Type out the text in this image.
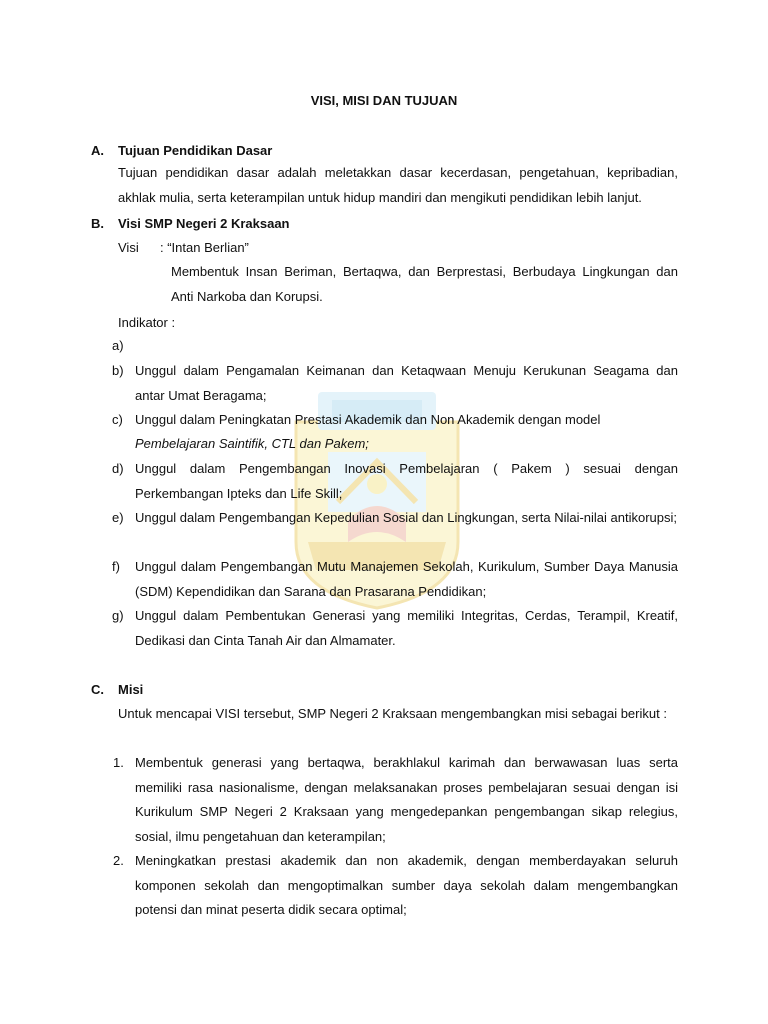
VISI, MISI DAN TUJUAN
A. Tujuan Pendidikan Dasar
Tujuan pendidikan dasar adalah meletakkan dasar kecerdasan, pengetahuan, kepribadian, akhlak mulia, serta keterampilan untuk hidup mandiri dan mengikuti pendidikan lebih lanjut.
B. Visi SMP Negeri 2 Kraksaan
Visi : “Intan Berlian”
Membentuk Insan Beriman, Bertaqwa, dan Berprestasi, Berbudaya Lingkungan dan Anti Narkoba dan Korupsi.
Indikator :
a)
b) Unggul dalam Pengamalan Keimanan dan Ketaqwaan Menuju Kerukunan Seagama dan antar Umat Beragama;
c) Unggul dalam Peningkatan Prestasi Akademik dan Non Akademik dengan model
Pembelajaran Saintifik, CTL dan Pakem;
d) Unggul dalam Pengembangan Inovasi Pembelajaran ( Pakem ) sesuai dengan Perkembangan Ipteks dan Life Skill;
e) Unggul dalam Pengembangan Kepedulian Sosial dan Lingkungan, serta Nilai-nilai antikorupsi;
f) Unggul dalam Pengembangan Mutu Manajemen Sekolah, Kurikulum, Sumber Daya Manusia (SDM) Kependidikan dan Sarana dan Prasarana Pendidikan;
g) Unggul dalam Pembentukan Generasi yang memiliki Integritas, Cerdas, Terampil, Kreatif, Dedikasi dan Cinta Tanah Air dan Almamater.
C. Misi
Untuk mencapai VISI tersebut, SMP Negeri 2 Kraksaan mengembangkan misi sebagai berikut :
1. Membentuk generasi yang bertaqwa, berakhlakul karimah dan berwawasan luas serta memiliki rasa nasionalisme, dengan melaksanakan proses pembelajaran sesuai dengan isi Kurikulum SMP Negeri 2 Kraksaan yang mengedepankan pengembangan sikap relegius, sosial, ilmu pengetahuan dan keterampilan;
2. Meningkatkan prestasi akademik dan non akademik, dengan memberdayakan seluruh komponen sekolah dan mengoptimalkan sumber daya sekolah dalam mengembangkan potensi dan minat peserta didik secara optimal;
